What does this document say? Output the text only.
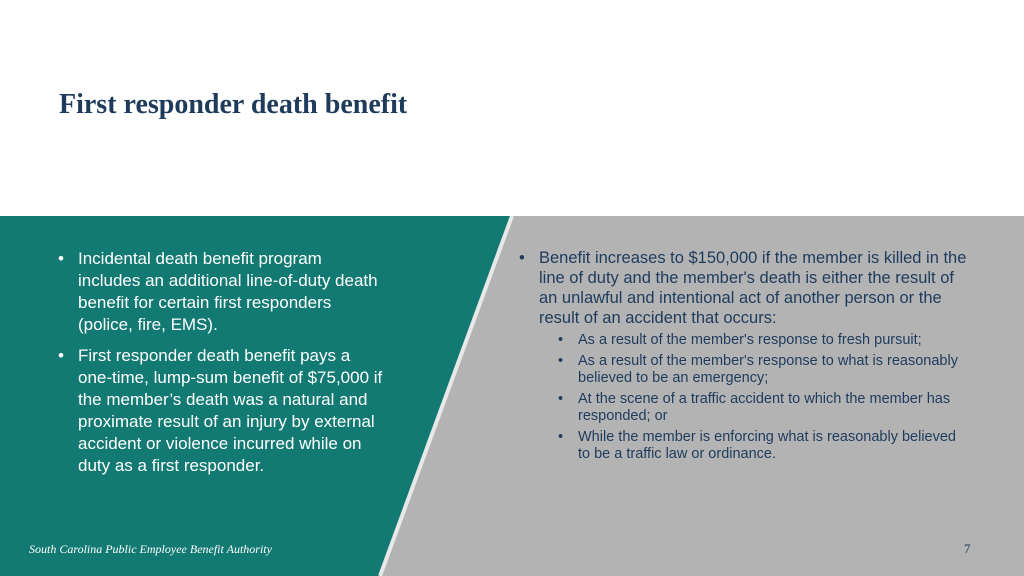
First responder death benefit
• Incidental death benefit program includes an additional line-of-duty death benefit for certain first responders (police, fire, EMS).
• First responder death benefit pays a one-time, lump-sum benefit of $75,000 if the member’s death was a natural and proximate result of an injury by external accident or violence incurred while on duty as a first responder.
• Benefit increases to $150,000 if the member is killed in the line of duty and the member's death is either the result of an unlawful and intentional act of another person or the result of an accident that occurs:
• As a result of the member's response to fresh pursuit;
• As a result of the member's response to what is reasonably believed to be an emergency;
• At the scene of a traffic accident to which the member has responded; or
• While the member is enforcing what is reasonably believed to be a traffic law or ordinance.
South Carolina Public Employee Benefit Authority	7
